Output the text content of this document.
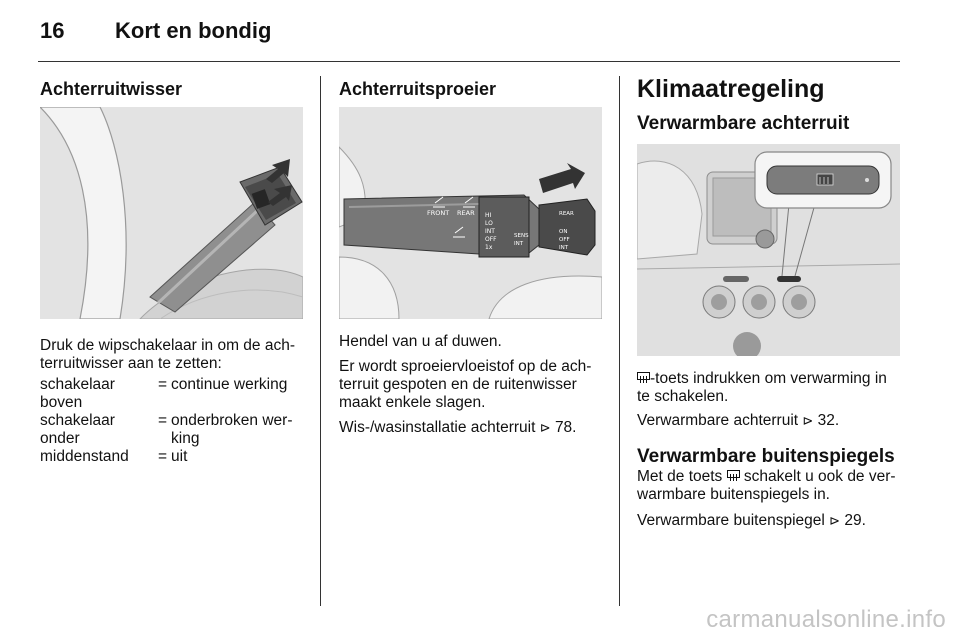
16 Kort en bondig
Achterruitwisser

Druk de wipschakelaar in om de ach-terruitwisser aan te zetten:

schakelaar boven
= continue werking
schakelaar onder
= onderbroken wer-king
middenstand	= uit
Achterruitsproeier
FRONT REAR HI
LO
INT
OFF
1x
SENS
INT
REAR
ON
OFF
INT

Hendel van u af duwen.

Er wordt sproeiervloeistof op de ach-terruit gespoten en de ruitenwisser maakt enkele slagen.

Wis-/wasinstallatie achterruit ⊳ 78.

Klimaatregeling
Verwarmbare achterruit

-toets indrukken om verwarming in te schakelen.

Verwarmbare achterruit ⊳ 32.

Verwarmbare buitenspiegels

Met de toets schakelt u ook de ver-warmbare buitenspiegels in.

Verwarmbare buitenspiegel ⊳ 29.

carmanualsonline.info
